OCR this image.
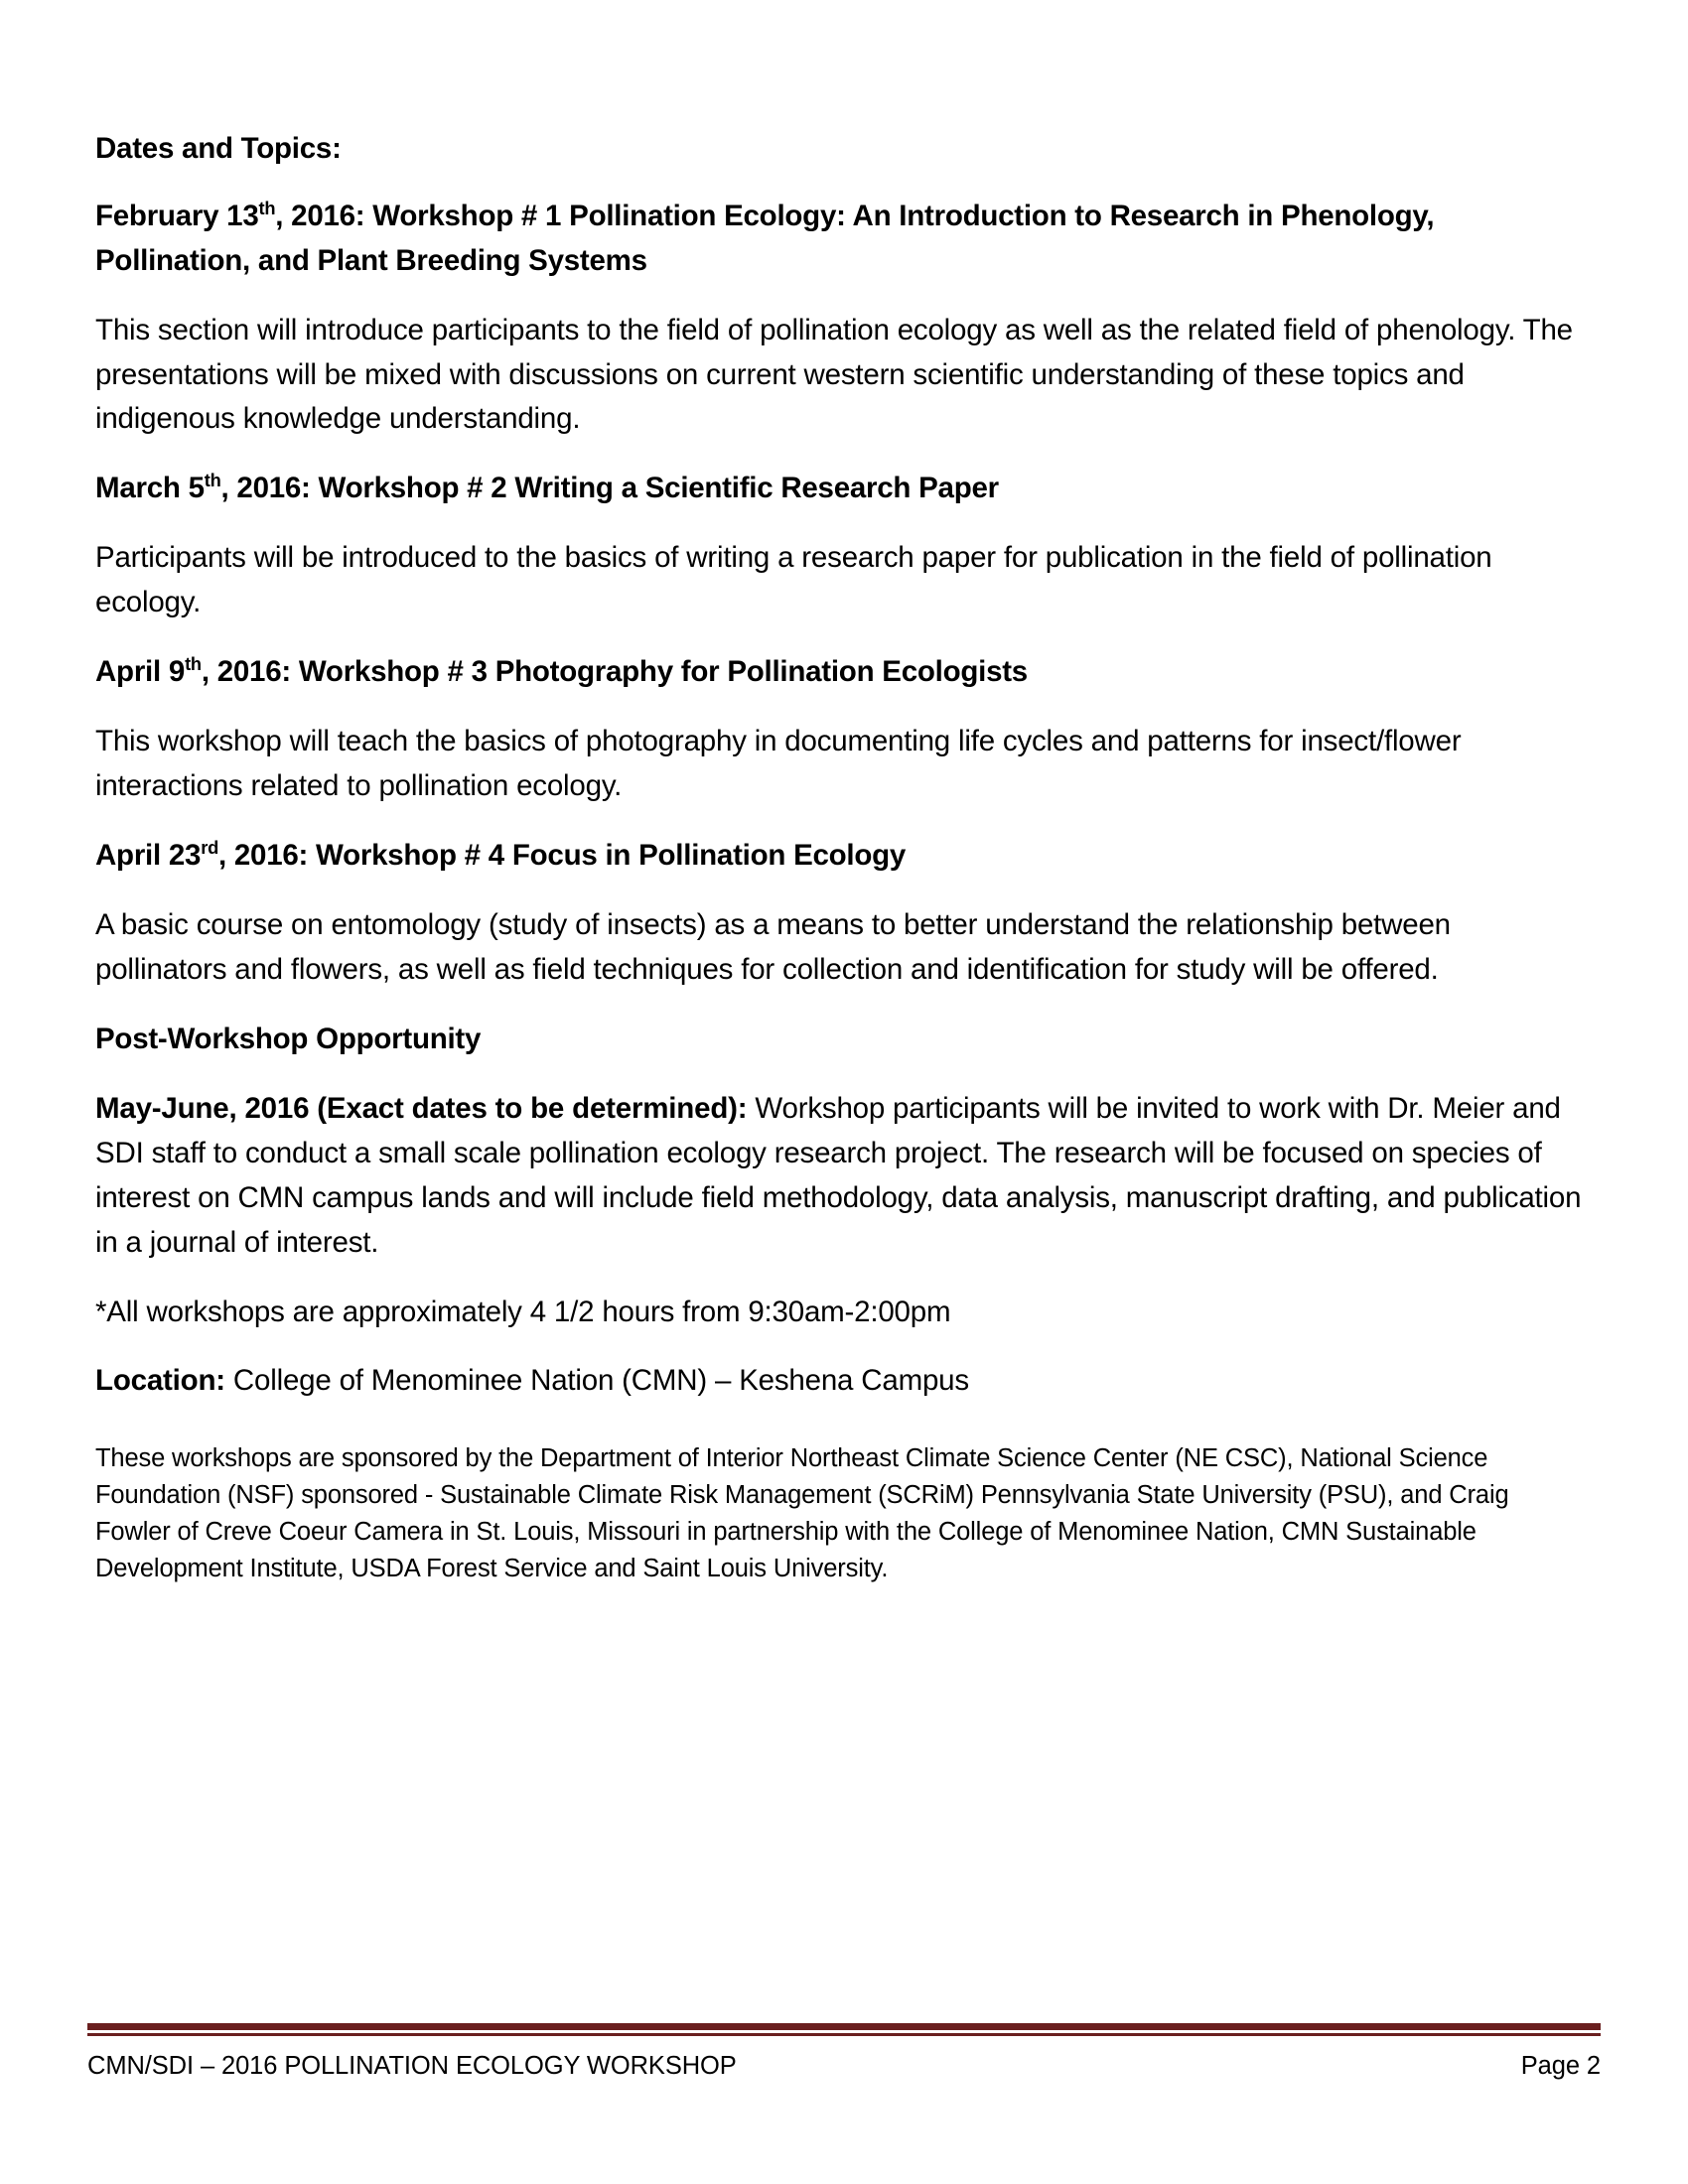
Dates and Topics:

February 13th, 2016: Workshop # 1 Pollination Ecology: An Introduction to Research in Phenology, Pollination, and Plant Breeding Systems

This section will introduce participants to the field of pollination ecology as well as the related field of phenology. The presentations will be mixed with discussions on current western scientific understanding of these topics and indigenous knowledge understanding.

March 5th, 2016: Workshop # 2 Writing a Scientific Research Paper

Participants will be introduced to the basics of writing a research paper for publication in the field of pollination ecology.

April 9th, 2016: Workshop # 3 Photography for Pollination Ecologists

This workshop will teach the basics of photography in documenting life cycles and patterns for insect/flower interactions related to pollination ecology.

April 23rd, 2016: Workshop # 4 Focus in Pollination Ecology

A basic course on entomology (study of insects) as a means to better understand the relationship between pollinators and flowers, as well as field techniques for collection and identification for study will be offered.

Post-Workshop Opportunity

May-June, 2016 (Exact dates to be determined): Workshop participants will be invited to work with Dr. Meier and SDI staff to conduct a small scale pollination ecology research project. The research will be focused on species of interest on CMN campus lands and will include field methodology, data analysis, manuscript drafting, and publication in a journal of interest.

*All workshops are approximately 4 1/2 hours from 9:30am-2:00pm

Location: College of Menominee Nation (CMN) – Keshena Campus

These workshops are sponsored by the Department of Interior Northeast Climate Science Center (NE CSC), National Science Foundation (NSF) sponsored - Sustainable Climate Risk Management (SCRiM) Pennsylvania State University (PSU), and Craig Fowler of Creve Coeur Camera in St. Louis, Missouri in partnership with the College of Menominee Nation, CMN Sustainable Development Institute, USDA Forest Service and Saint Louis University.

CMN/SDI – 2016 POLLINATION ECOLOGY WORKSHOP	Page 2
